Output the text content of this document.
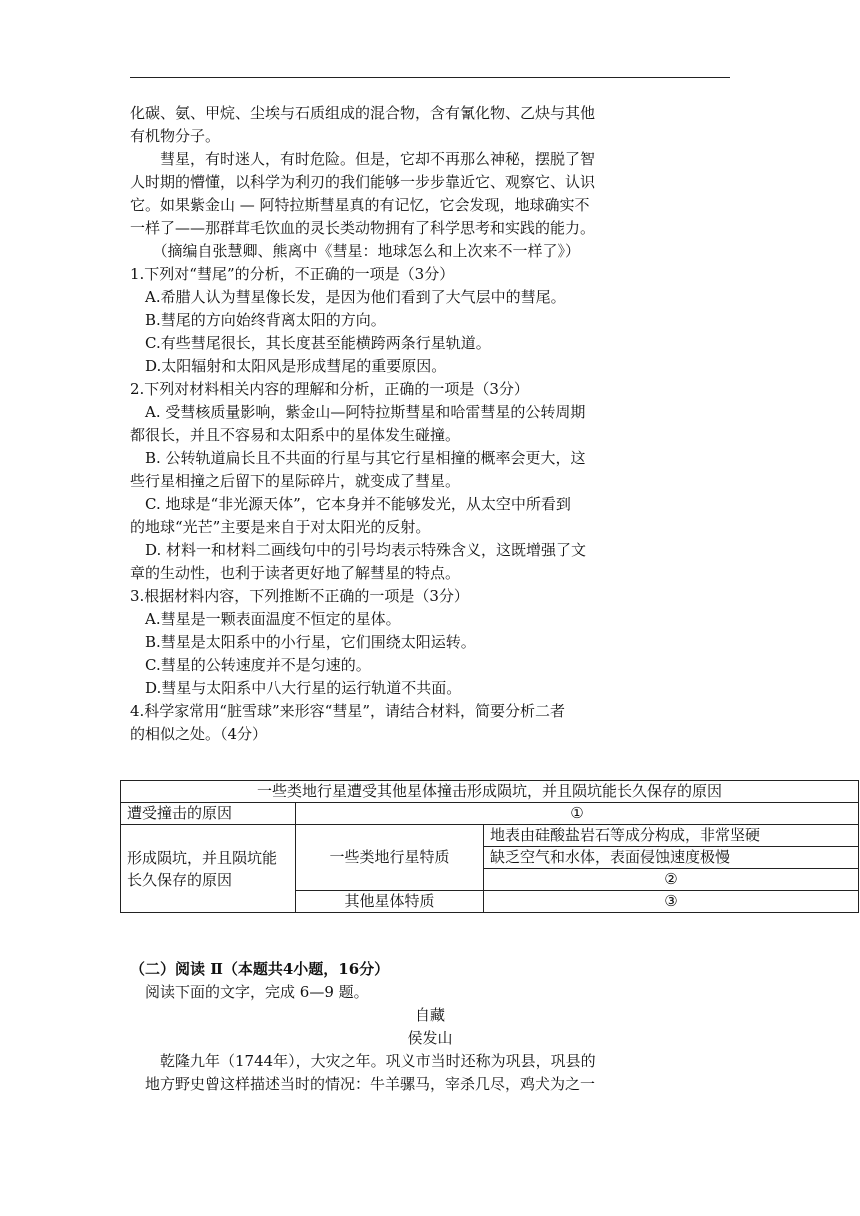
化碳、氨、甲烷、尘埃与石质组成的混合物，含有氰化物、乙炔与其他
有机物分子。
　　彗星，有时迷人，有时危险。但是，它却不再那么神秘，摆脱了智
人时期的懵懂，以科学为利刃的我们能够一步步靠近它、观察它、认识
它。如果紫金山 — 阿特拉斯彗星真的有记忆，它会发现，地球确实不
一样了——那群茸毛饮血的灵长类动物拥有了科学思考和实践的能力。
　　（摘编自张慧卿、熊离中《彗星：地球怎么和上次来不一样了》）
1.下列对“彗尾”的分析，不正确的一项是（3分）
A.希腊人认为彗星像长发，是因为他们看到了大气层中的彗尾。
B.彗尾的方向始终背离太阳的方向。
C.有些彗尾很长，其长度甚至能横跨两条行星轨道。
D.太阳辐射和太阳风是形成彗尾的重要原因。
2.下列对材料相关内容的理解和分析，正确的一项是（3分）
A. 受彗核质量影响，紫金山—阿特拉斯彗星和哈雷彗星的公转周期
都很长，并且不容易和太阳系中的星体发生碰撞。
B. 公转轨道扁长且不共面的行星与其它行星相撞的概率会更大，这
些行星相撞之后留下的星际碎片，就变成了彗星。
C. 地球是“非光源天体”，它本身并不能够发光，从太空中所看到
的地球“光芒”主要是来自于对太阳光的反射。
D. 材料一和材料二画线句中的引号均表示特殊含义，这既增强了文
章的生动性，也利于读者更好地了解彗星的特点。
3.根据材料内容，下列推断不正确的一项是（3分）
A.彗星是一颗表面温度不恒定的星体。
B.彗星是太阳系中的小行星，它们围绕太阳运转。
C.彗星的公转速度并不是匀速的。
D.彗星与太阳系中八大行星的运行轨道不共面。
4.科学家常用“脏雪球”来形容“彗星”，请结合材料，简要分析二者
的相似之处。（4分）
一些类地行星遭受其他星体撞击形成陨坑，并且陨坑能长久保存的原因		
遭受撞击的原因	①	
形成陨坑，并且陨坑能长久保存的原因	一些类地行星特质	地表由硅酸盐岩石等成分构成，非常坚硬
		缺乏空气和水体，表面侵蚀速度极慢
		②
	其他星体特质	③
（二）阅读 Ⅱ（本题共4小题，16分）
阅读下面的文字，完成 6—9 题。
自藏
侯发山
　　乾隆九年（1744年），大灾之年。巩义市当时还称为巩县，巩县的
　地方野史曾这样描述当时的情况：牛羊骡马，宰杀几尽，鸡犬为之一
